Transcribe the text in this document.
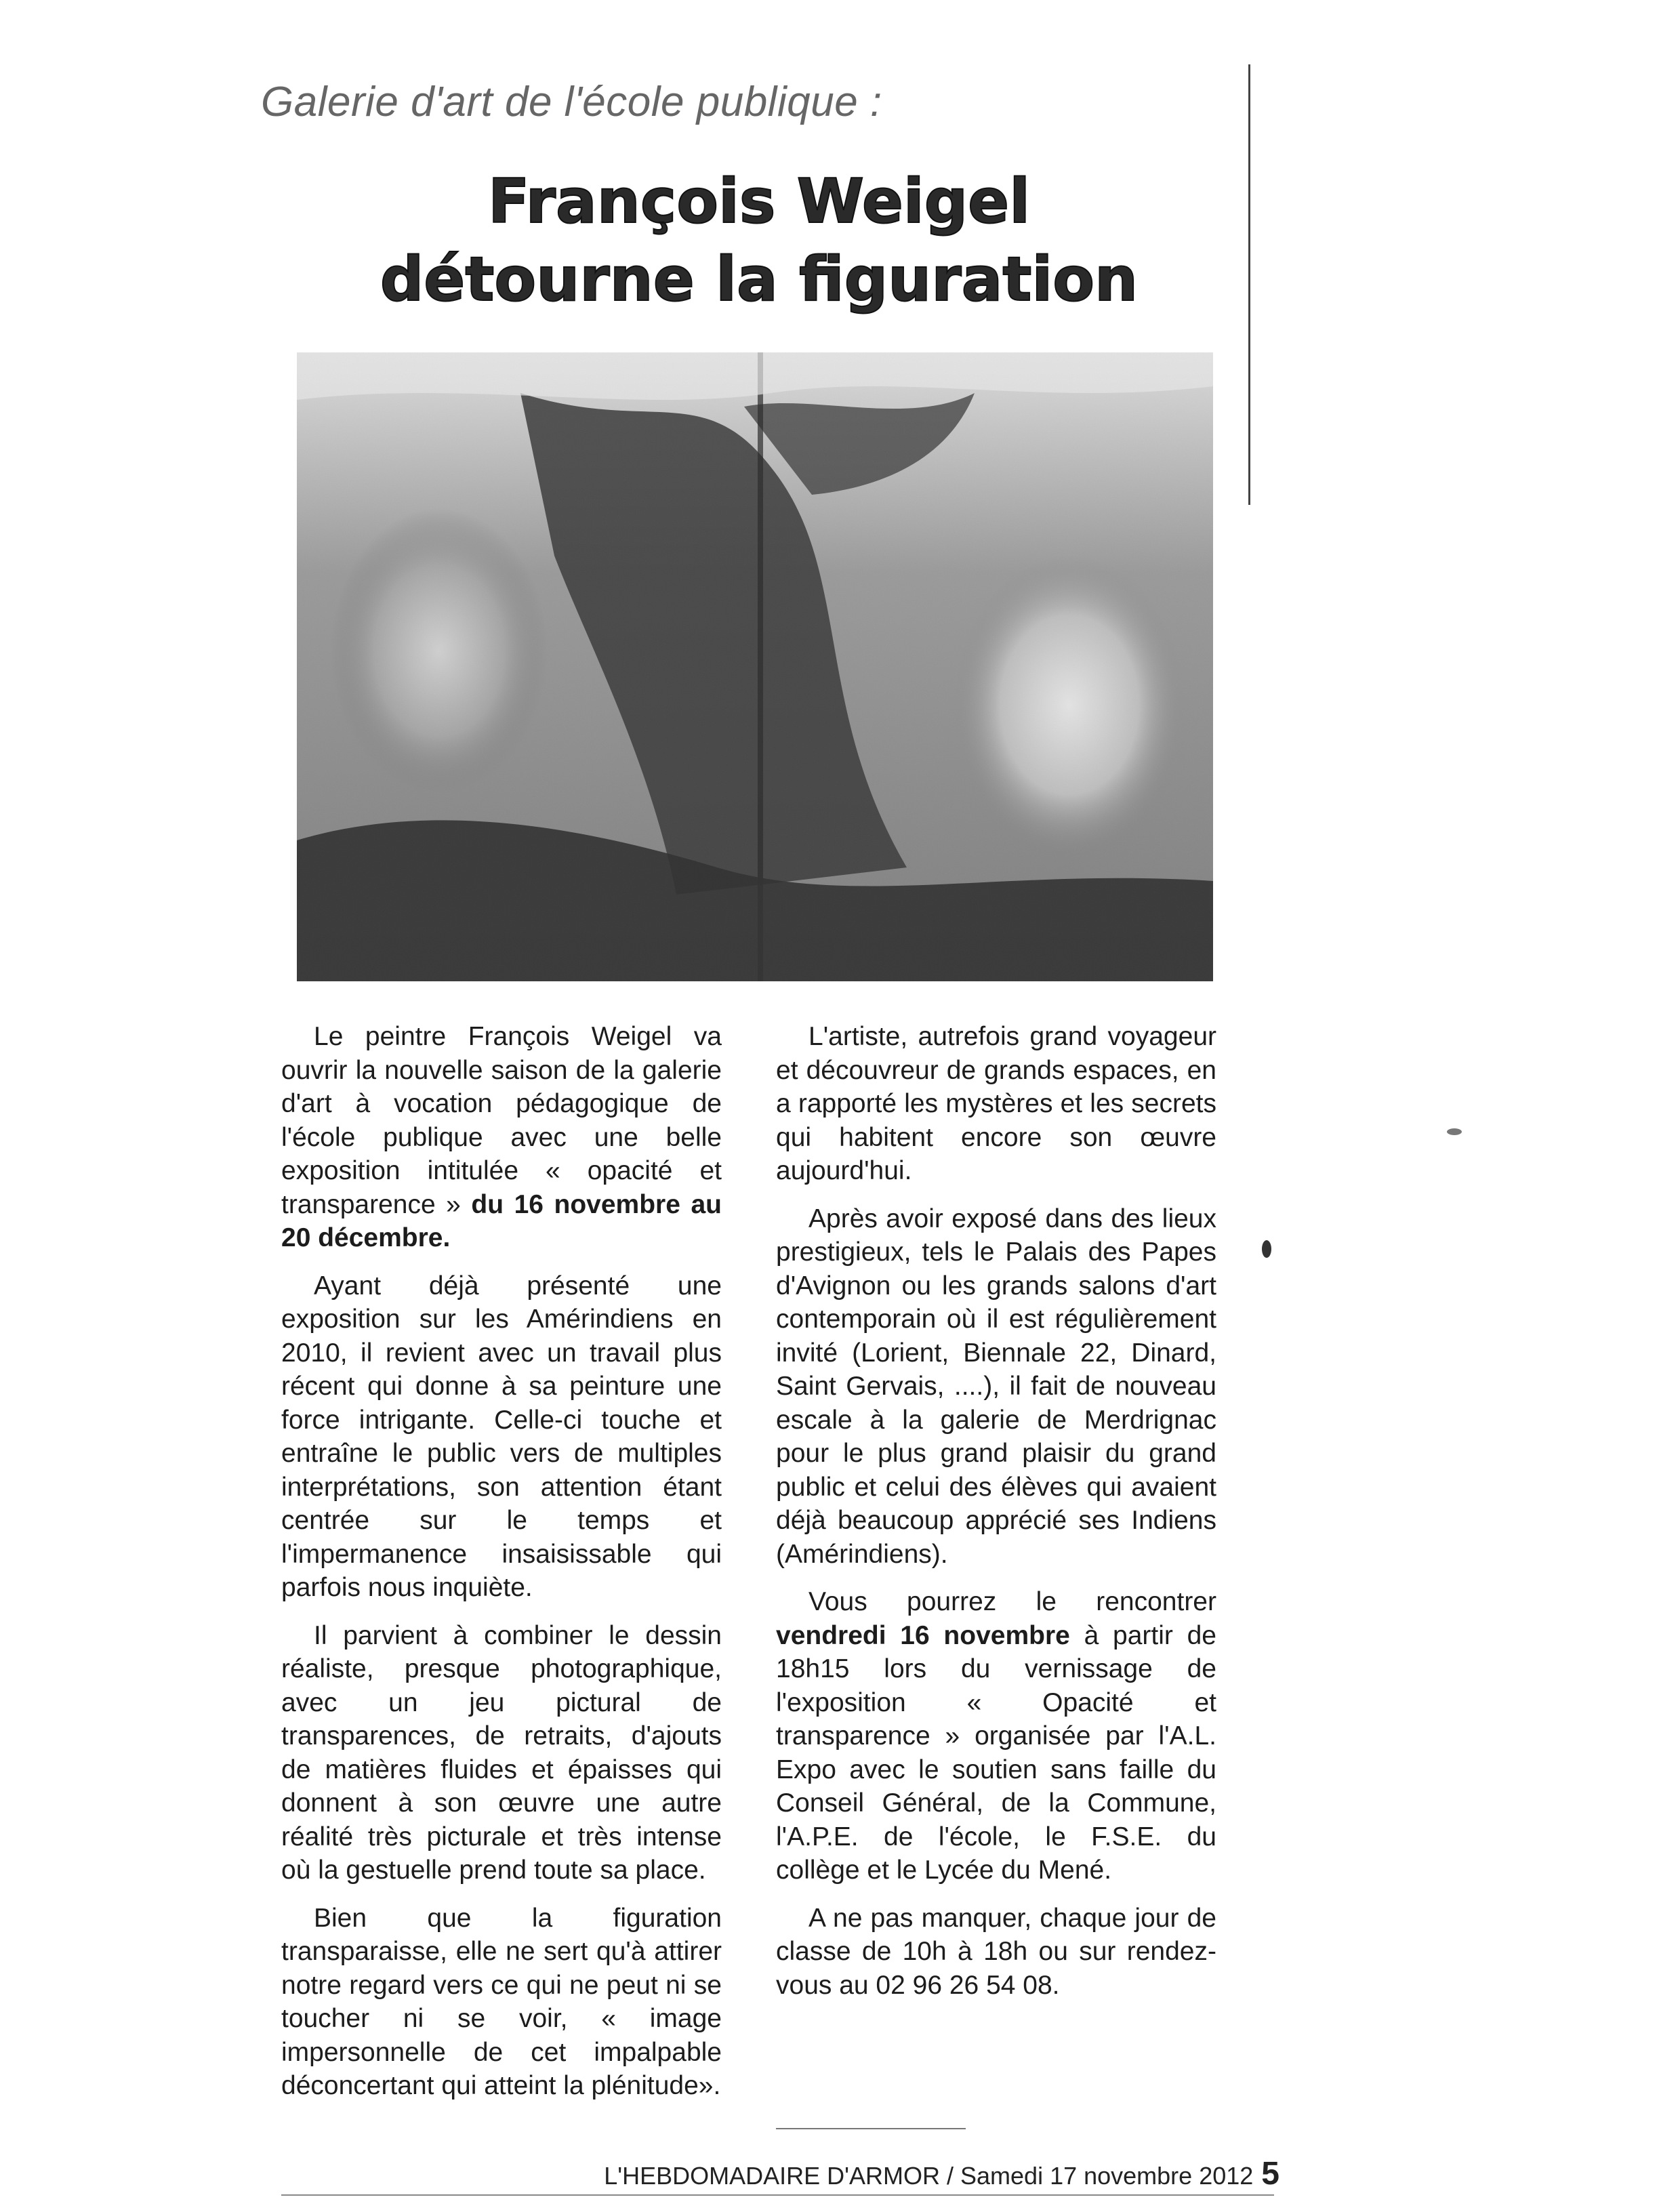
Galerie d'art de l'école publique :
François Weigel
détourne la figuration

Le peintre François Weigel va ouvrir la nouvelle saison de la galerie d'art à vocation pédagogique de l'école publique avec une belle exposition intitulée « opacité et transparence » du 16 novembre au 20 décembre.

Ayant déjà présenté une exposition sur les Amérindiens en 2010, il revient avec un travail plus récent qui donne à sa peinture une force intrigante. Celle-ci touche et entraîne le public vers de multiples interprétations, son attention étant centrée sur le temps et l'impermanence insaisissable qui parfois nous inquiète.

Il parvient à combiner le dessin réaliste, presque photographique, avec un jeu pictural de transparences, de retraits, d'ajouts de matières fluides et épaisses qui donnent à son œuvre une autre réalité très picturale et très intense où la gestuelle prend toute sa place.

Bien que la figuration transparaisse, elle ne sert qu'à attirer notre regard vers ce qui ne peut ni se toucher ni se voir, « image impersonnelle de cet impalpable déconcertant qui atteint la plénitude».

L'artiste, autrefois grand voyageur et découvreur de grands espaces, en a rapporté les mystères et les secrets qui habitent encore son œuvre aujourd'hui.

Après avoir exposé dans des lieux prestigieux, tels le Palais des Papes d'Avignon ou les grands salons d'art contemporain où il est régulièrement invité (Lorient, Biennale 22, Dinard, Saint Gervais, ....), il fait de nouveau escale à la galerie de Merdrignac pour le plus grand plaisir du grand public et celui des élèves qui avaient déjà beaucoup apprécié ses Indiens (Amérindiens).

Vous pourrez le rencontrer vendredi 16 novembre à partir de 18h15 lors du vernissage de l'exposition « Opacité et transparence » organisée par l'A.L. Expo avec le soutien sans faille du Conseil Général, de la Commune, l'A.P.E. de l'école, le F.S.E. du collège et le Lycée du Mené.

A ne pas manquer, chaque jour de classe de 10h à 18h ou sur rendez-vous au 02 96 26 54 08.

L'HEBDOMADAIRE D'ARMOR / Samedi 17 novembre 2012 5
